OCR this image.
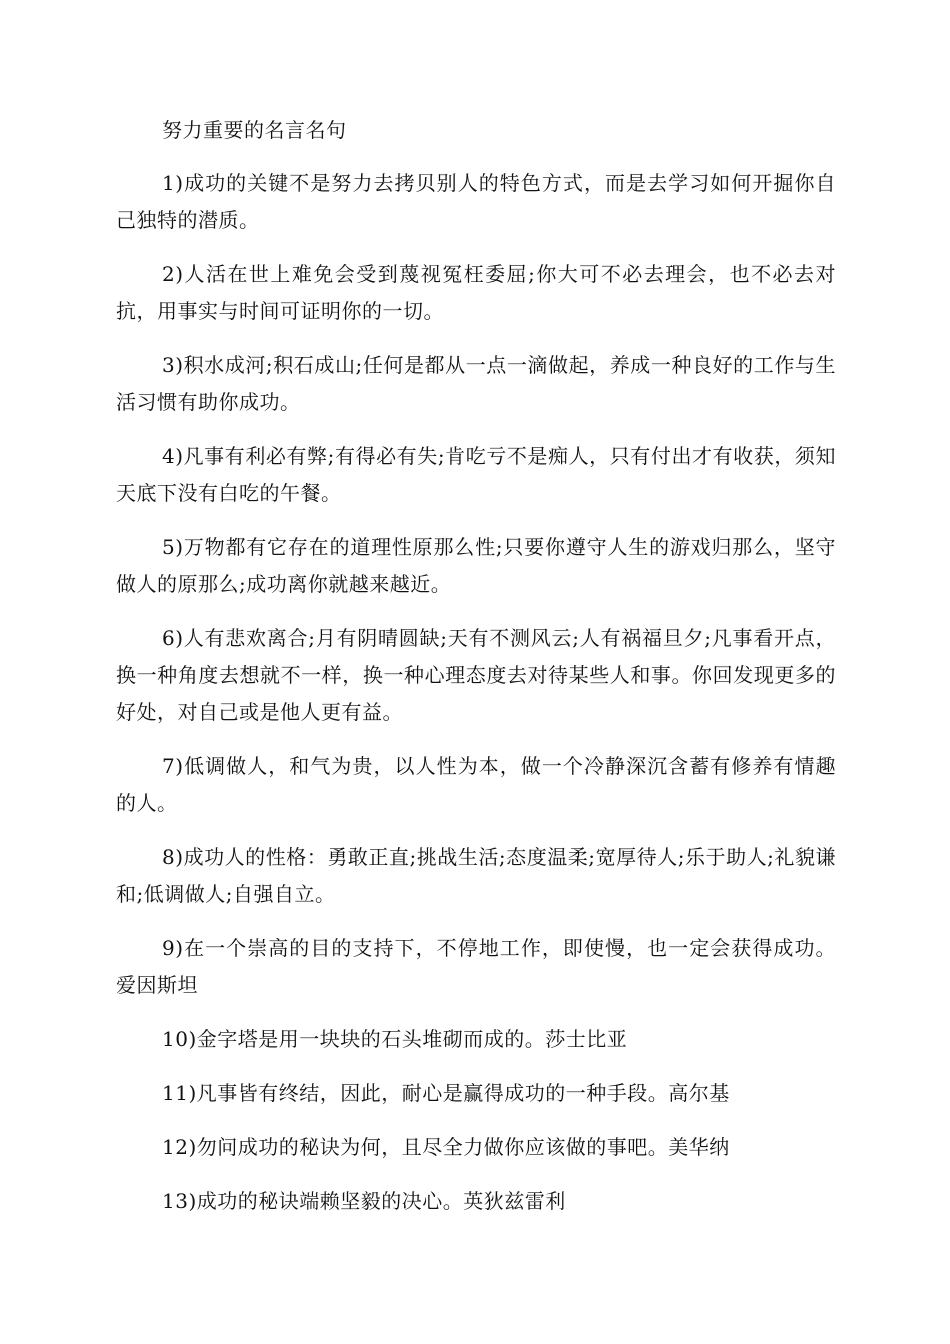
努力重要的名言名句

1)成功的关键不是努力去拷贝别人的特色方式，而是去学习如何开掘你自己独特的潜质。

2)人活在世上难免会受到蔑视冤枉委屈;你大可不必去理会，也不必去对抗，用事实与时间可证明你的一切。

3)积水成河;积石成山;任何是都从一点一滴做起，养成一种良好的工作与生活习惯有助你成功。

4)凡事有利必有弊;有得必有失;肯吃亏不是痴人，只有付出才有收获，须知天底下没有白吃的午餐。

5)万物都有它存在的道理性原那么性;只要你遵守人生的游戏归那么，坚守做人的原那么;成功离你就越来越近。

6)人有悲欢离合;月有阴晴圆缺;天有不测风云;人有祸福旦夕;凡事看开点，换一种角度去想就不一样，换一种心理态度去对待某些人和事。你回发现更多的好处，对自己或是他人更有益。

7)低调做人，和气为贵，以人性为本，做一个冷静深沉含蓄有修养有情趣的人。

8)成功人的性格：勇敢正直;挑战生活;态度温柔;宽厚待人;乐于助人;礼貌谦和;低调做人;自强自立。

9)在一个崇高的目的支持下，不停地工作，即使慢，也一定会获得成功。爱因斯坦

10)金字塔是用一块块的石头堆砌而成的。莎士比亚

11)凡事皆有终结，因此，耐心是赢得成功的一种手段。高尔基

12)勿问成功的秘诀为何，且尽全力做你应该做的事吧。美华纳

13)成功的秘诀端赖坚毅的决心。英狄兹雷利
